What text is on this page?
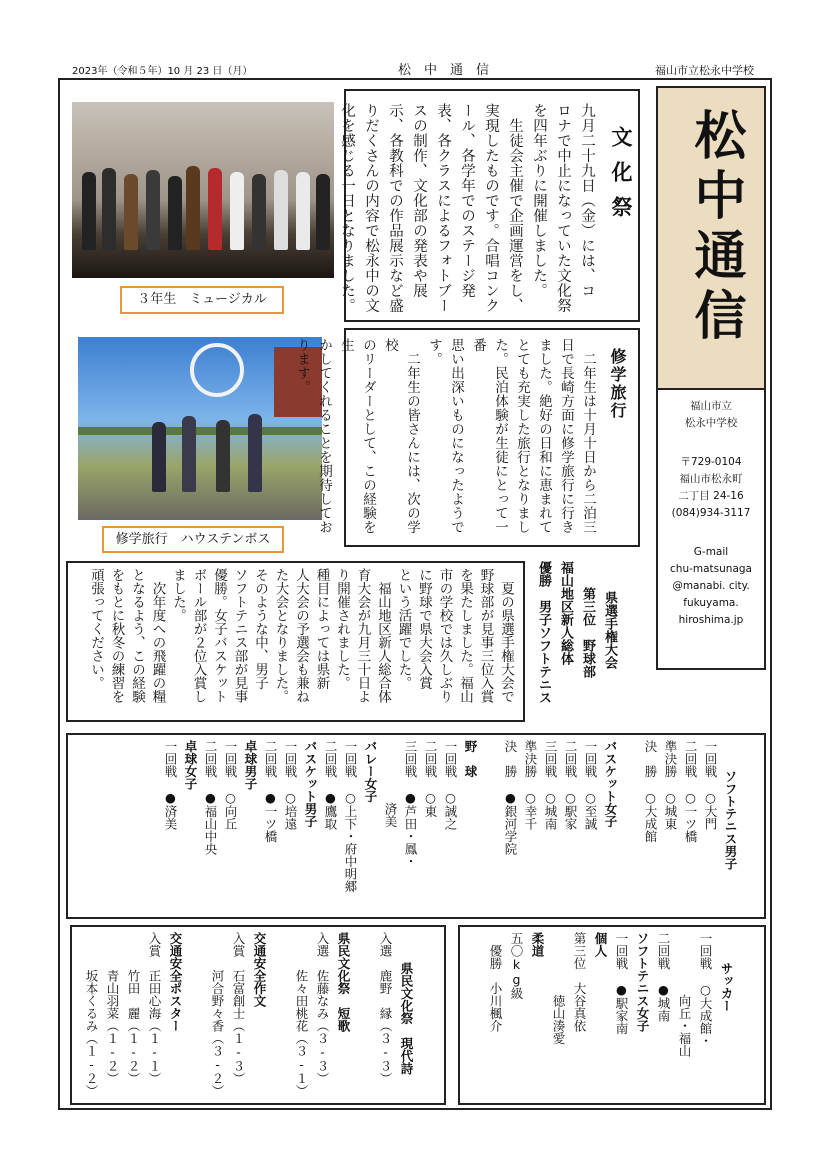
2023年（令和５年）10 月 23 日（月）	松　中　通　信	福山市立松永中学校
３年生　ミュージカル
文化祭
九月二十九日（金）には、コ
ロナで中止になっていた文化祭
を四年ぶりに開催しました。
　生徒会主催で企画運営をし、
実現したものです。合唱コンク
ール、各学年でのステージ発
表、各クラスによるフォトブー
スの制作、文化部の発表や展
示、各教科での作品展示など盛
りだくさんの内容で松永中の文
化を感じる一日となりました。	松中通信
福山市立
松永中学校
〒729-0104
福山市松永町
二丁目 24-16
(084)934-3117
G-mail
chu-matsunaga
@manabi. city.
fukuyama.
hiroshima.jp
修学旅行　ハウステンボス
修学旅行
　二年生は十月十日から二泊三
日で長崎方面に修学旅行に行き
ました。絶好の日和に恵まれて
とても充実した旅行となりまし
た。民泊体験が生徒にとって一番
思い出深いものになったようで
す。
　二年生の皆さんには、次の学校
のリーダーとして、この経験を生
かしてくれることを期待してお
ります。

県選手権大会
　　第三位　野球部
福山地区新人総体
優勝　男子ソフトテニス

　夏の県選手権大会で
野球部が見事三位入賞
を果たしました。福山
市の学校では久しぶり
に野球で県大会入賞
という活躍でした。
　福山地区新人総合体
育大会が九月三十日よ
り開催されました。
種目によっては県新
人大会の予選会も兼ね
た大会となりました。
そのような中、男子
ソフトテニス部が見事
優勝。女子バスケット
ボール部が２位入賞し
ました。
　次年度への飛躍の糧
となるよう、この経験
をもとに秋冬の練習を
頑張ってください。

ソフトテニス男子
一回戦　○大門
二回戦　○一ツ橋
準決勝　○城東
決　勝　○大成館

バスケット女子
一回戦　○至誠
二回戦　○駅家
三回戦　○城南
準決勝　○幸千
決　勝　●銀河学院

野　球
一回戦　○誠之
二回戦　○東
三回戦　●芦田・鳳・
　　　　　済美
バレー女子
一回戦　○上下・府中明郷
二回戦　●鷹取
バスケット男子
一回戦　○培遠
二回戦　●一ツ橋
卓球男子
一回戦　○向丘
二回戦　●福山中央
卓球女子
一回戦　●済美

サッカー
一回戦　○大成館・
　　　　　向丘・福山
二回戦　●城南
ソフトテニス女子
一回戦　●駅家南
個人
第三位　大谷真依
　　　　　徳山湊愛
柔道
五〇kg級
　優勝　小川楓介

県民文化祭　現代詩
入選　鹿野　縁（３-３）

県民文化祭　短歌
入選　佐藤なみ（３-３）
　　　佐々田桃花（３-１）

交通安全作文
入賞　石富創士（１-３）
　　　河合野々香（３-２）

交通安全ポスター
入賞　正田心海（１-１）
　　　竹田　麗（１-２）
　　　青山羽菜（１-２）
　　　坂本くるみ（１-２）
